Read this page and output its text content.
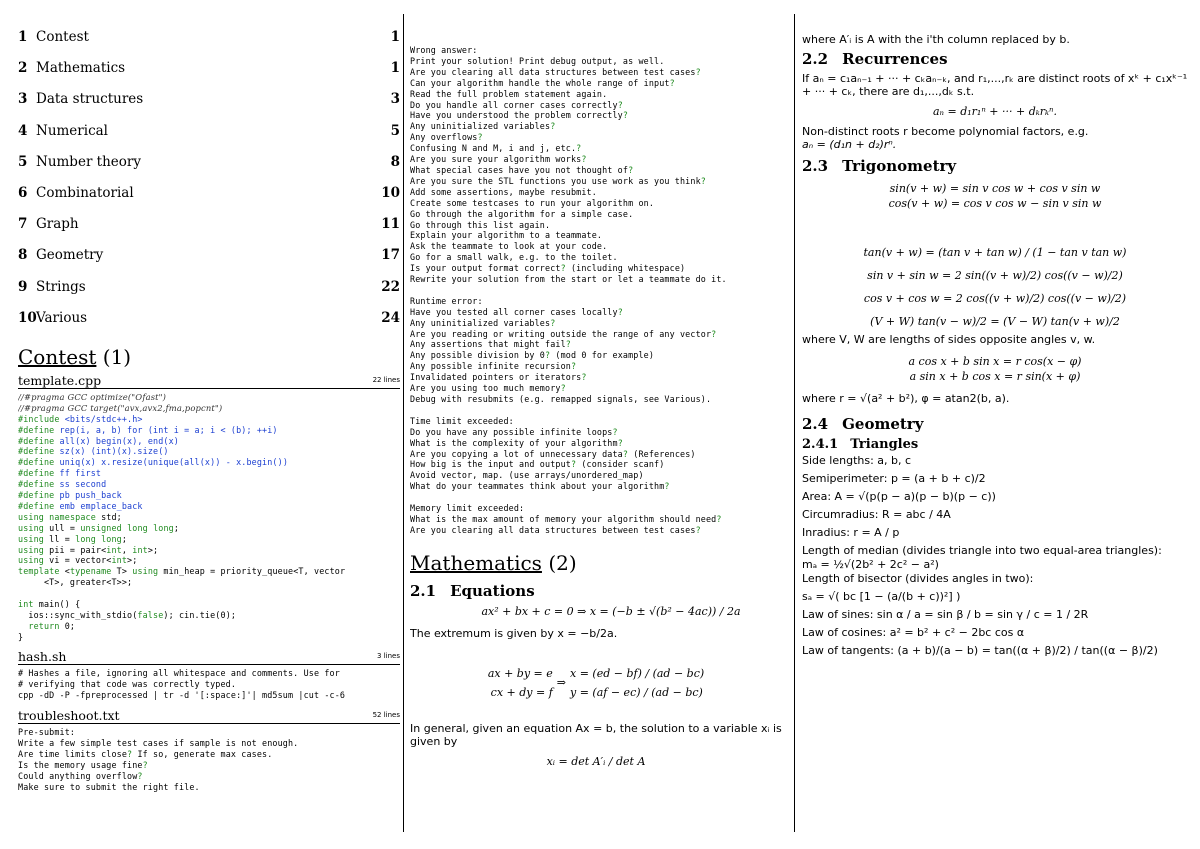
1 Contest	1
2 Mathematics	1
3 Data structures	3
4 Numerical	5
5 Number theory	8
6 Combinatorial	10
7 Graph	11
8 Geometry	17
9 Strings	22
10Various	24
Contest (1)
template.cpp	22 lines
//#pragma GCC optimize("Ofast")
//#pragma GCC target("avx,avx2,fma,popcnt")
#include <bits/stdc++.h>
#define rep(i, a, b) for (int i = a; i < (b); ++i)
#define all(x) begin(x), end(x)
#define sz(x) (int)(x).size()
#define uniq(x) x.resize(unique(all(x)) - x.begin())
#define ff first
#define ss second
#define pb push_back
#define emb emplace_back
using namespace std;
using ull = unsigned long long;
using ll = long long;
using pii = pair<int, int>;
using vi = vector<int>;
template <typename T> using min_heap = priority_queue<T, vector
<T>, greater<T>>;

int main() {
ios::sync_with_stdio(false); cin.tie(0);
return 0;
}
hash.sh	3 lines
# Hashes a file, ignoring all whitespace and comments. Use for
# verifying that code was correctly typed.
cpp -dD -P -fpreprocessed | tr -d '[:space:]'| md5sum |cut -c-6
troubleshoot.txt	52 lines
Pre-submit:
Write a few simple test cases if sample is not enough.
Are time limits close? If so, generate max cases.
Is the memory usage fine?
Could anything overflow?
Make sure to submit the right file.
Wrong answer:
Print your solution! Print debug output, as well.
Are you clearing all data structures between test cases?
Can your algorithm handle the whole range of input?
Read the full problem statement again.
Do you handle all corner cases correctly?
Have you understood the problem correctly?
Any uninitialized variables?
Any overflows?
Confusing N and M, i and j, etc.?
Are you sure your algorithm works?
What special cases have you not thought of?
Are you sure the STL functions you use work as you think?
Add some assertions, maybe resubmit.
Create some testcases to run your algorithm on.
Go through the algorithm for a simple case.
Go through this list again.
Explain your algorithm to a teammate.
Ask the teammate to look at your code.
Go for a small walk, e.g. to the toilet.
Is your output format correct? (including whitespace)
Rewrite your solution from the start or let a teammate do it.

Runtime error:
Have you tested all corner cases locally?
Any uninitialized variables?
Are you reading or writing outside the range of any vector?
Any assertions that might fail?
Any possible division by 0? (mod 0 for example)
Any possible infinite recursion?
Invalidated pointers or iterators?
Are you using too much memory?
Debug with resubmits (e.g. remapped signals, see Various).

Time limit exceeded:
Do you have any possible infinite loops?
What is the complexity of your algorithm?
Are you copying a lot of unnecessary data? (References)
How big is the input and output? (consider scanf)
Avoid vector, map. (use arrays/unordered_map)
What do your teammates think about your algorithm?

Memory limit exceeded:
What is the max amount of memory your algorithm should need?
Are you clearing all data structures between test cases?
Mathematics (2)
2.1 Equations
ax² + bx + c = 0 ⇒ x = (−b ± √(b² − 4ac)) / 2a
The extremum is given by x = −b/2a.
ax + by = e
cx + dy = f
⇒
x = (ed − bf) / (ad − bc)
y = (af − ec) / (ad − bc)
In general, given an equation Ax = b, the solution to a variable xᵢ is given by
xᵢ = det A′ᵢ / det A
where A′ᵢ is A with the i'th column replaced by b.
2.2 Recurrences
If aₙ = c₁aₙ₋₁ + ··· + cₖaₙ₋ₖ, and r₁,...,rₖ are distinct roots of xᵏ + c₁xᵏ⁻¹ + ··· + cₖ, there are d₁,...,dₖ s.t.
aₙ = d₁r₁ⁿ + ··· + dₖrₖⁿ.
Non-distinct roots r become polynomial factors, e.g.
aₙ = (d₁n + d₂)rⁿ.
2.3 Trigonometry
sin(v + w) = sin v cos w + cos v sin w
cos(v + w) = cos v cos w − sin v sin w
tan(v + w) = (tan v + tan w) / (1 − tan v tan w)
sin v + sin w = 2 sin((v + w)/2) cos((v − w)/2)
cos v + cos w = 2 cos((v + w)/2) cos((v − w)/2)
(V + W) tan(v − w)/2 = (V − W) tan(v + w)/2
where V, W are lengths of sides opposite angles v, w.
a cos x + b sin x = r cos(x − φ)
a sin x + b cos x = r sin(x + φ)
where r = √(a² + b²), φ = atan2(b, a).
2.4 Geometry
2.4.1 Triangles
Side lengths: a, b, c
Semiperimeter: p = (a + b + c)/2
Area: A = √(p(p − a)(p − b)(p − c))
Circumradius: R = abc / 4A
Inradius: r = A / p
Length of median (divides triangle into two equal-area triangles):
mₐ = ½√(2b² + 2c² − a²)
Length of bisector (divides angles in two):
sₐ = √( bc [1 − (a/(b + c))²] )
Law of sines: sin α / a = sin β / b = sin γ / c = 1 / 2R
Law of cosines: a² = b² + c² − 2bc cos α
Law of tangents: (a + b)/(a − b) = tan((α + β)/2) / tan((α − β)/2)
